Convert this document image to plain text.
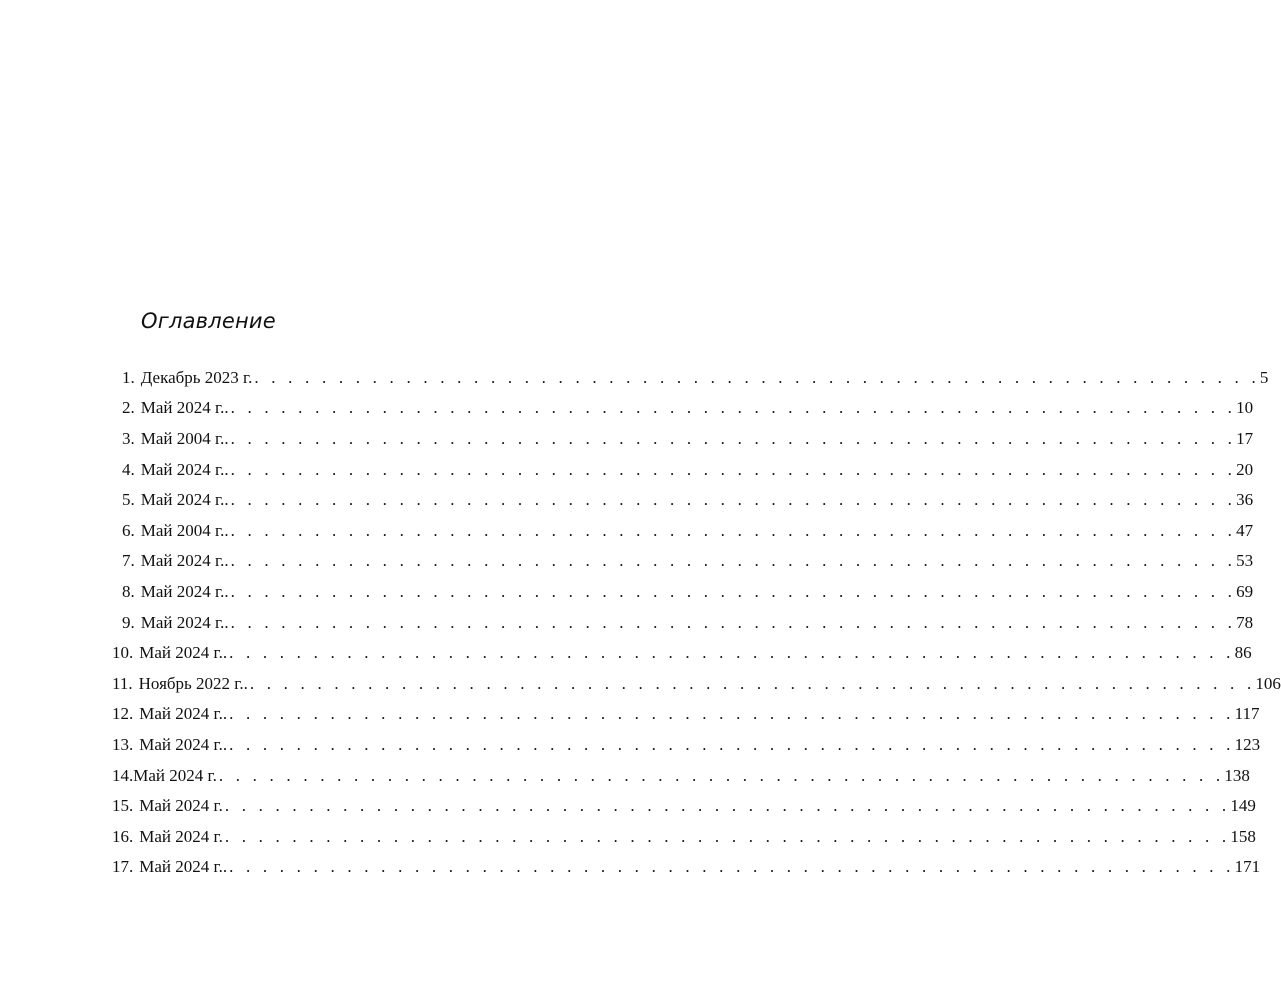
Оглавление
1. Декабрь 2023 г. . . . . . . . . . . . . . . . . . . . . . . . . . . . . . . . . . . . . . . . . . . . . . . . . . . . . . . . . . . . . 5
2. Май 2024 г.. . . . . . . . . . . . . . . . . . . . . . . . . . . . . . . . . . . . . . . . . . . . . . . . . . . . . . . . . . . . . 10
3. Май 2004 г.. . . . . . . . . . . . . . . . . . . . . . . . . . . . . . . . . . . . . . . . . . . . . . . . . . . . . . . . . . . . . 17
4. Май 2024 г.. . . . . . . . . . . . . . . . . . . . . . . . . . . . . . . . . . . . . . . . . . . . . . . . . . . . . . . . . . . . . 20
5. Май 2024 г.. . . . . . . . . . . . . . . . . . . . . . . . . . . . . . . . . . . . . . . . . . . . . . . . . . . . . . . . . . . . . 36
6. Май 2004 г.. . . . . . . . . . . . . . . . . . . . . . . . . . . . . . . . . . . . . . . . . . . . . . . . . . . . . . . . . . . . . 47
7. Май 2024 г.. . . . . . . . . . . . . . . . . . . . . . . . . . . . . . . . . . . . . . . . . . . . . . . . . . . . . . . . . . . . . 53
8. Май 2024 г.. . . . . . . . . . . . . . . . . . . . . . . . . . . . . . . . . . . . . . . . . . . . . . . . . . . . . . . . . . . . . 69
9. Май 2024 г.. . . . . . . . . . . . . . . . . . . . . . . . . . . . . . . . . . . . . . . . . . . . . . . . . . . . . . . . . . . . . 78
10. Май 2024 г.. . . . . . . . . . . . . . . . . . . . . . . . . . . . . . . . . . . . . . . . . . . . . . . . . . . . . . . . . . . . . 86
11. Ноябрь 2022 г.. . . . . . . . . . . . . . . . . . . . . . . . . . . . . . . . . . . . . . . . . . . . . . . . . . . . . . . . . . . . . 106
12. Май 2024 г.. . . . . . . . . . . . . . . . . . . . . . . . . . . . . . . . . . . . . . . . . . . . . . . . . . . . . . . . . . . . . 117
13. Май 2024 г.. . . . . . . . . . . . . . . . . . . . . . . . . . . . . . . . . . . . . . . . . . . . . . . . . . . . . . . . . . . . . 123
14. Май 2024 г. . . . . . . . . . . . . . . . . . . . . . . . . . . . . . . . . . . . . . . . . . . . . . . . . . . . . . . . . . . . . 138
15. Май 2024 г. . . . . . . . . . . . . . . . . . . . . . . . . . . . . . . . . . . . . . . . . . . . . . . . . . . . . . . . . . . . . 149
16. Май 2024 г. . . . . . . . . . . . . . . . . . . . . . . . . . . . . . . . . . . . . . . . . . . . . . . . . . . . . . . . . . . . . 158
17. Май 2024 г.. . . . . . . . . . . . . . . . . . . . . . . . . . . . . . . . . . . . . . . . . . . . . . . . . . . . . . . . . . . . . 171
